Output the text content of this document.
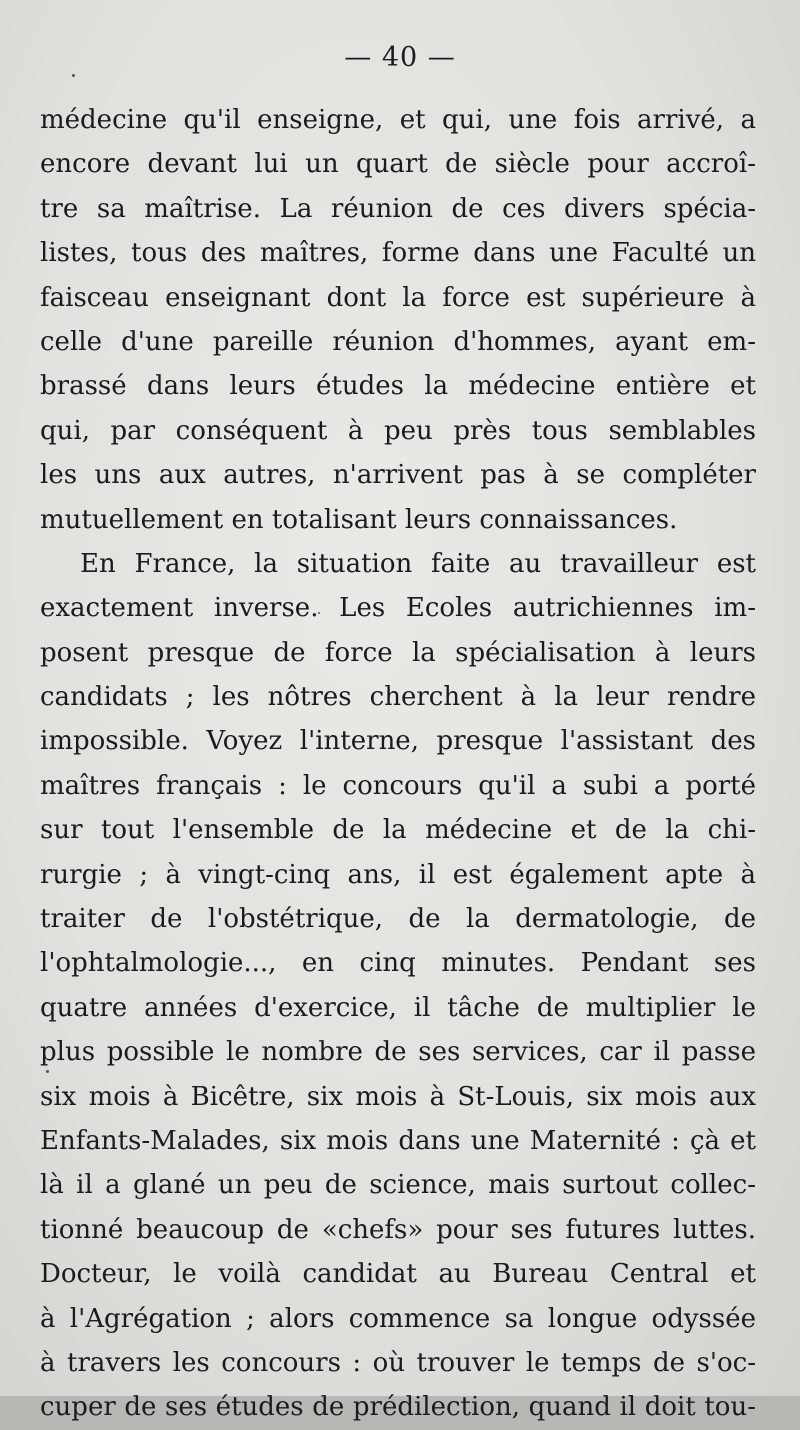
— 40 —
médecine qu'il enseigne, et qui, une fois arrivé, a
encore devant lui un quart de siècle pour accroî-
tre sa maîtrise. La réunion de ces divers spécia-
listes, tous des maîtres, forme dans une Faculté un
faisceau enseignant dont la force est supérieure à
celle d'une pareille réunion d'hommes, ayant em-
brassé dans leurs études la médecine entière et
qui, par conséquent à peu près tous semblables
les uns aux autres, n'arrivent pas à se compléter
mutuellement en totalisant leurs connaissances.
En France, la situation faite au travailleur est
exactement inverse. Les Ecoles autrichiennes im-
posent presque de force la spécialisation à leurs
candidats ; les nôtres cherchent à la leur rendre
impossible. Voyez l'interne, presque l'assistant des
maîtres français : le concours qu'il a subi a porté
sur tout l'ensemble de la médecine et de la chi-
rurgie ; à vingt-cinq ans, il est également apte à
traiter de l'obstétrique, de la dermatologie, de
l'ophtalmologie..., en cinq minutes. Pendant ses
quatre années d'exercice, il tâche de multiplier le
plus possible le nombre de ses services, car il passe
six mois à Bicêtre, six mois à St-Louis, six mois aux
Enfants-Malades, six mois dans une Maternité : çà et
là il a glané un peu de science, mais surtout collec-
tionné beaucoup de «chefs» pour ses futures luttes.
Docteur, le voilà candidat au Bureau Central et
à l'Agrégation ; alors commence sa longue odyssée
à travers les concours : où trouver le temps de s'oc-
cuper de ses études de prédilection, quand il doit tou-
